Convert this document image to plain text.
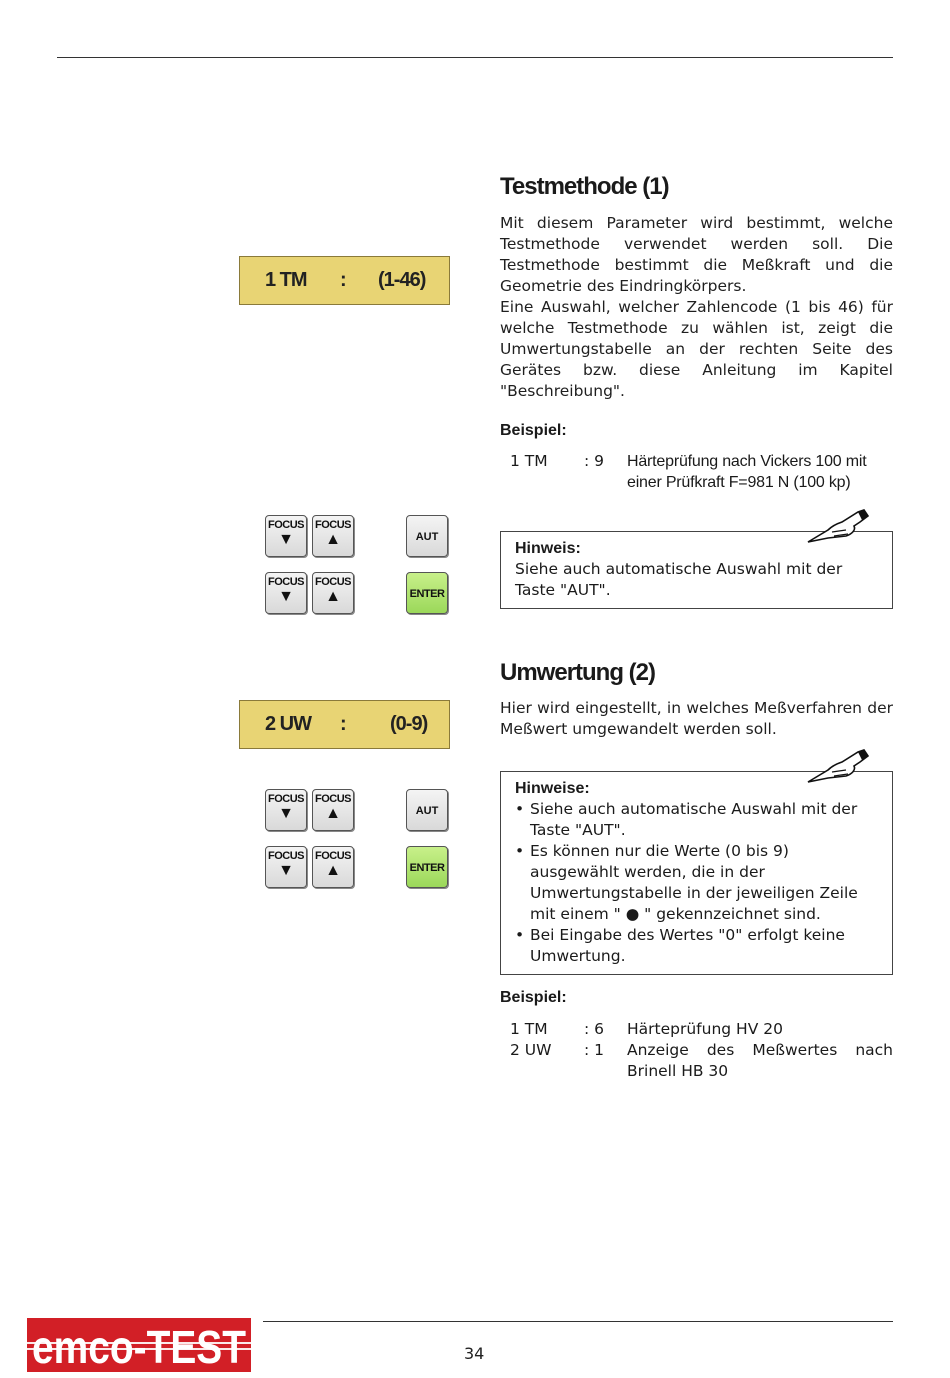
1 TM : (1-46)
FOCUS
▼
FOCUS
▲	AUT
FOCUS
▼
FOCUS
▲	ENTER
Testmethode (1)
Mit diesem Parameter wird bestimmt, welche Testmethode verwendet werden soll. Die Testmethode bestimmt die Meßkraft und die Geometrie des Eindringkörpers.
Eine Auswahl, welcher Zahlencode (1 bis 46) für welche Testmethode zu wählen ist, zeigt die Umwertungstabelle an der rechten Seite des Gerätes bzw. diese Anleitung im Kapitel "Beschreibung".
Beispiel:
1 TM	: 9	Härteprüfung nach Vickers 100 mit einer Prüfkraft F=981 N (100 kp)
Hinweis:
Siehe auch automatische Auswahl mit der Taste "AUT".
2 UW : (0-9)
FOCUS
▼
FOCUS
▲	AUT
FOCUS
▼
FOCUS
▲	ENTER
Umwertung (2)
Hier wird eingestellt, in welches Meßverfahren der Meßwert umgewandelt werden soll.
Hinweise:
• Siehe auch automatische Auswahl mit der Taste "AUT".
• Es können nur die Werte (0 bis 9) ausgewählt werden, die in der Umwertungstabelle in der jeweiligen Zeile mit einem " ● " gekennzeichnet sind.
• Bei Eingabe des Wertes "0" erfolgt keine Umwertung.
Beispiel:
1 TM	: 6	Härteprüfung HV 20
2 UW	: 1	Anzeige des Meßwertes nach Brinell HB 30
emco-TEST	34
